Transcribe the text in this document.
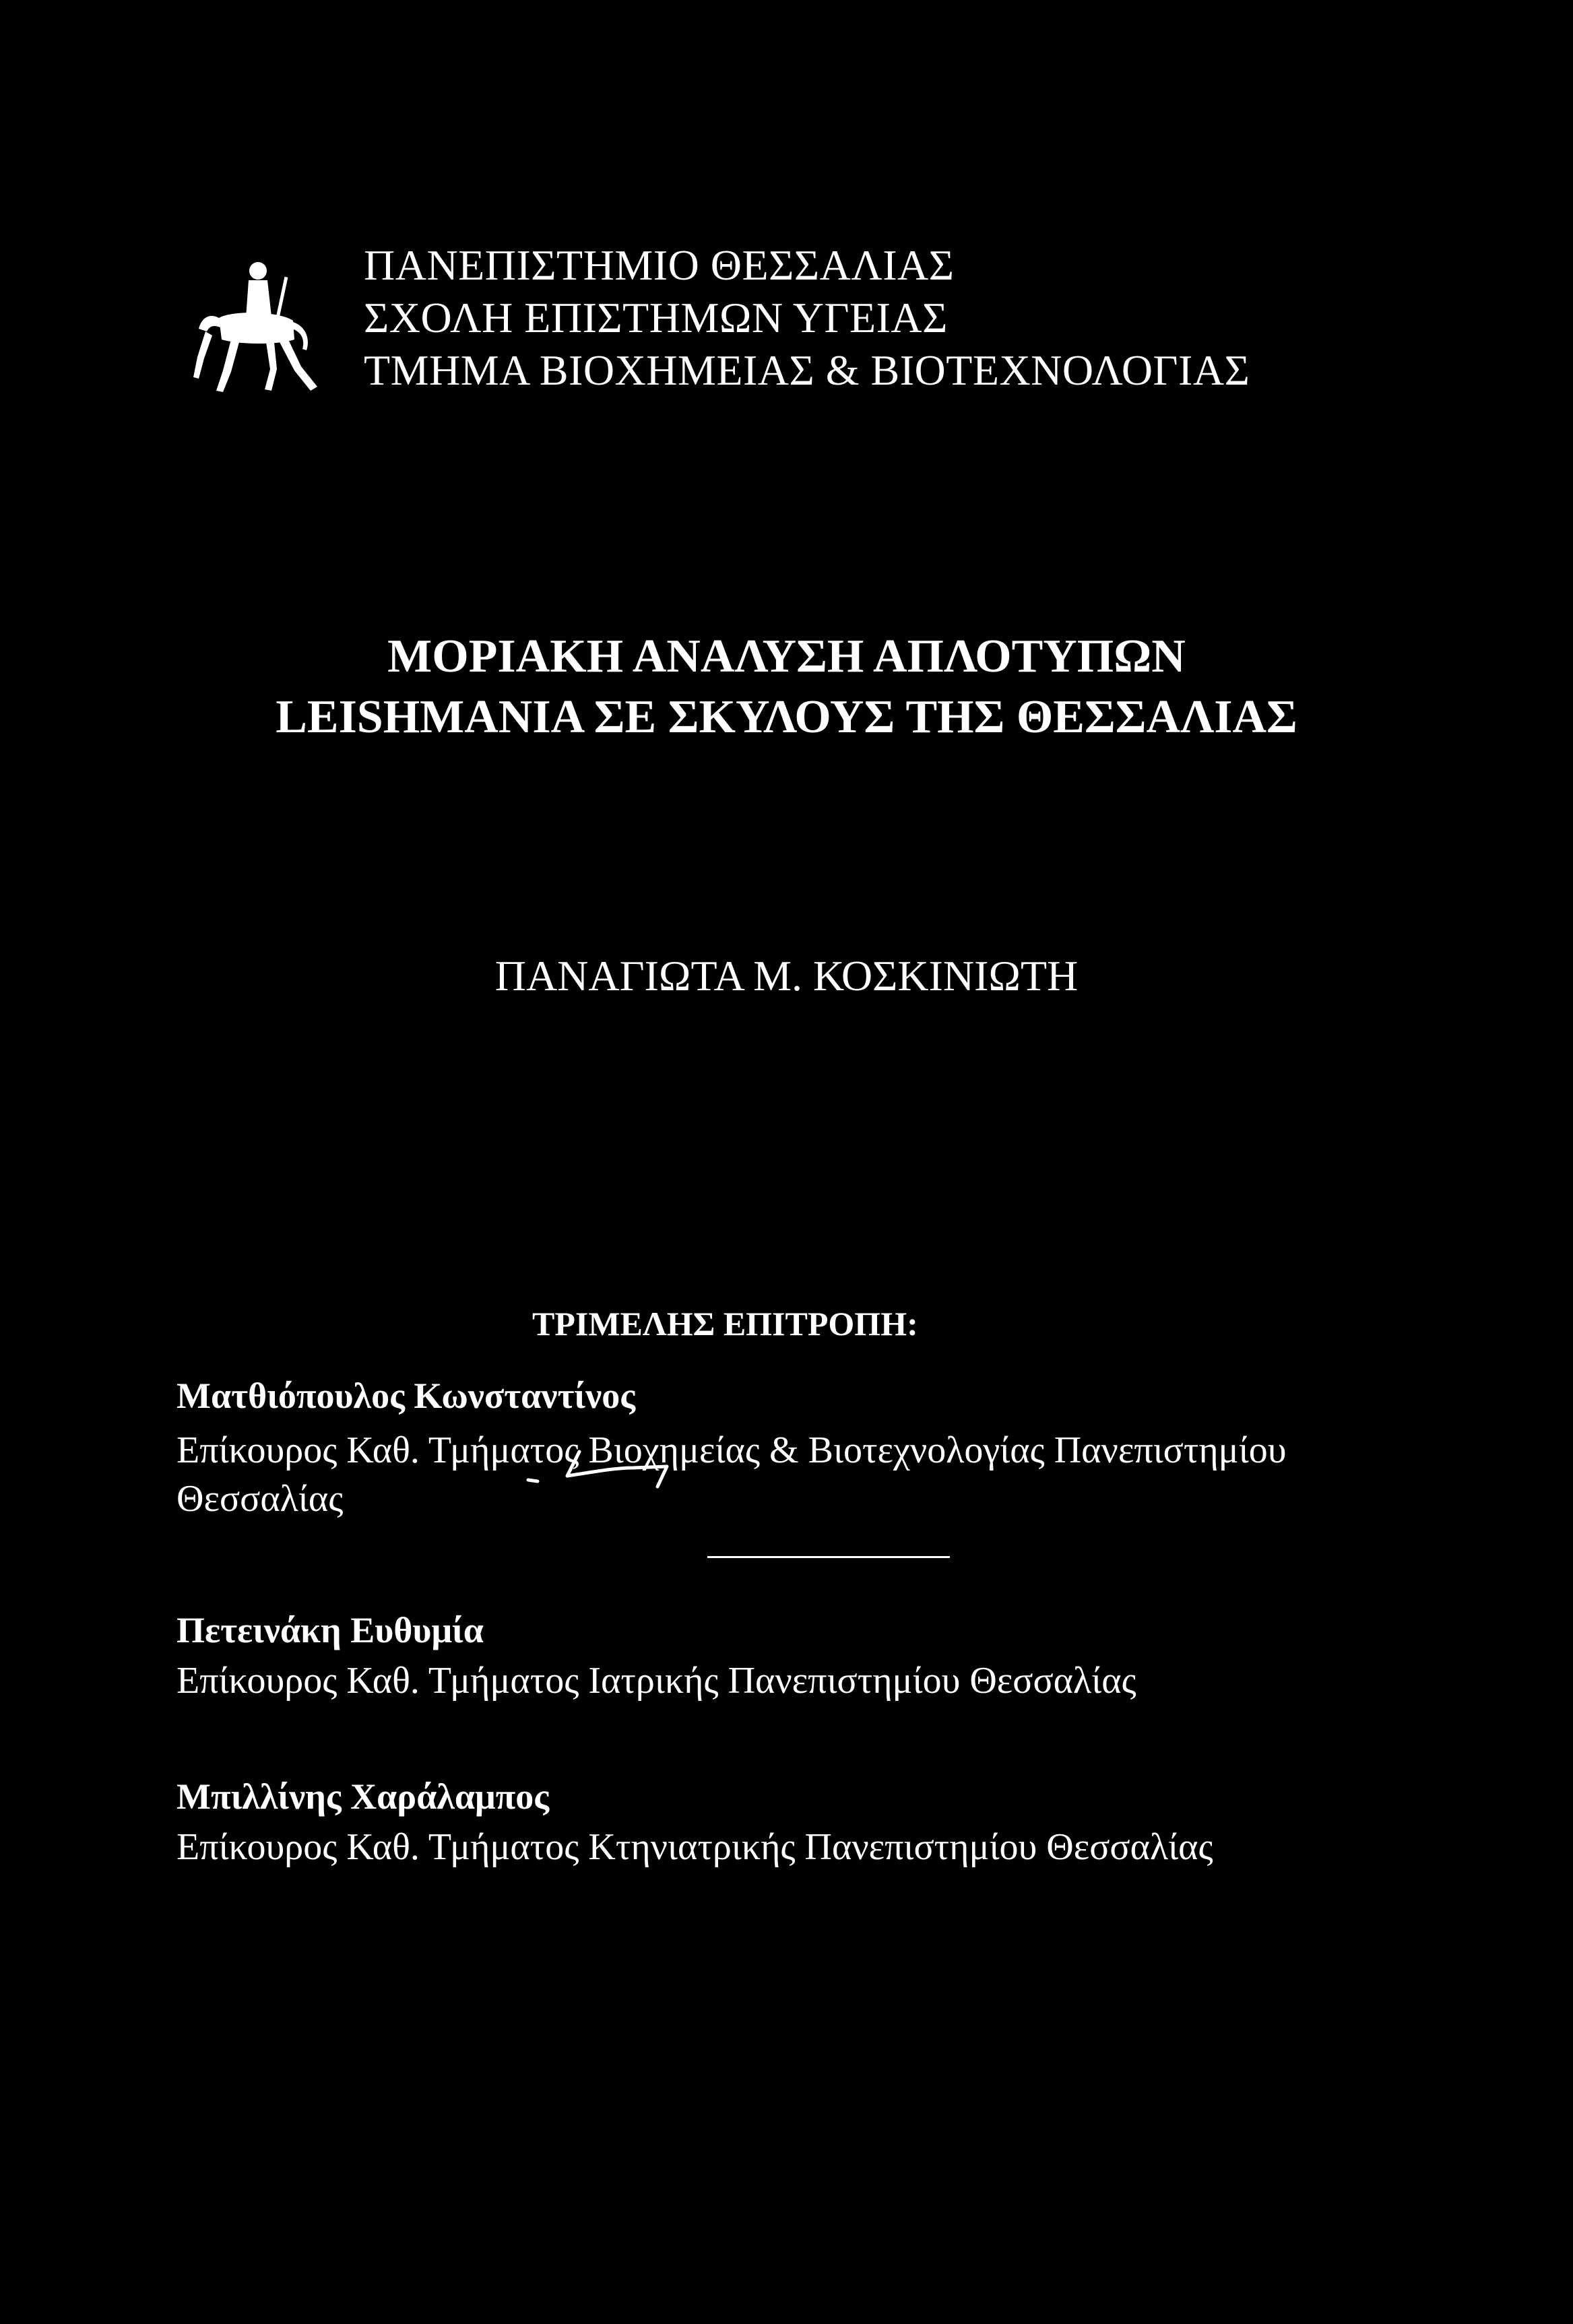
ΠΑΝΕΠΙΣΤΗΜΙΟ ΘΕΣΣΑΛΙΑΣ
ΣΧΟΛΗ ΕΠΙΣΤΗΜΩΝ ΥΓΕΙΑΣ
ΤΜΗΜΑ ΒΙΟΧΗΜΕΙΑΣ & ΒΙΟΤΕΧΝΟΛΟΓΙΑΣ
ΜΟΡΙΑΚΗ ΑΝΑΛΥΣΗ ΑΠΛΟΤΥΠΩΝ
LEISHMANIA ΣΕ ΣΚΥΛΟΥΣ ΤΗΣ ΘΕΣΣΑΛΙΑΣ
ΠΑΝΑΓΙΩΤΑ Μ. ΚΟΣΚΙΝΙΩΤΗ
ΤΡΙΜΕΛΗΣ ΕΠΙΤΡΟΠΗ:
Ματθιόπουλος Κωνσταντίνος
Επίκουρος Καθ. Τμήματος Βιοχημείας & Βιοτεχνολογίας Πανεπιστημίου
Θεσσαλίας
Πετεινάκη Ευθυμία
Επίκουρος Καθ. Τμήματος Ιατρικής Πανεπιστημίου Θεσσαλίας
Μπιλλίνης Χαράλαμπος
Επίκουρος Καθ. Τμήματος Κτηνιατρικής Πανεπιστημίου Θεσσαλίας
